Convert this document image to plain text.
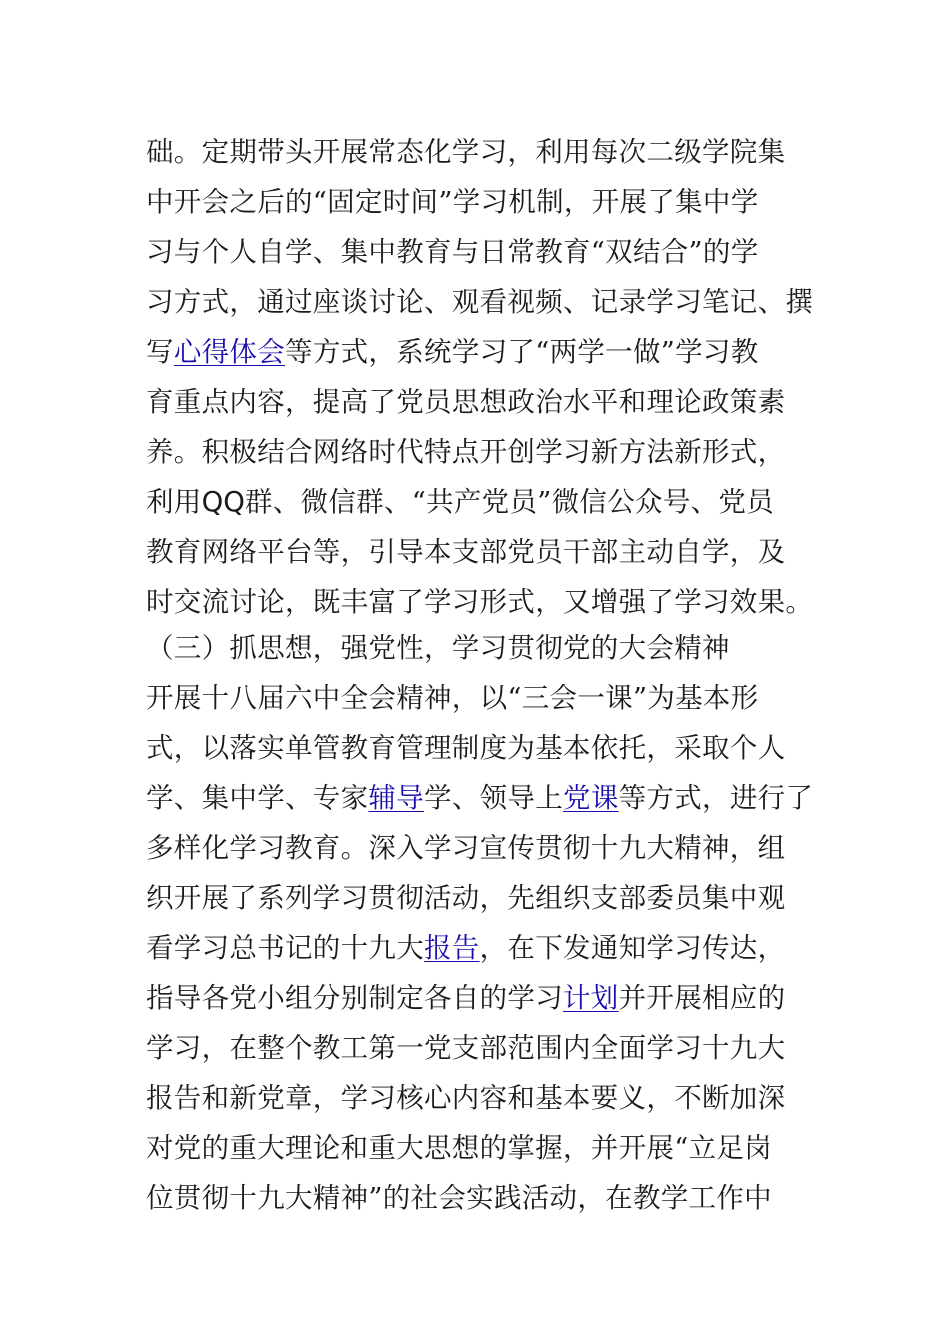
础。定期带头开展常态化学习，利用每次二级学院集
中开会之后的“固定时间”学习机制，开展了集中学
习与个人自学、集中教育与日常教育“双结合”的学
习方式，通过座谈讨论、观看视频、记录学习笔记、撰
写心得体会等方式，系统学习了“两学一做”学习教
育重点内容，提高了党员思想政治水平和理论政策素
养。积极结合网络时代特点开创学习新方法新形式，
利用QQ群、微信群、“共产党员”微信公众号、党员
教育网络平台等，引导本支部党员干部主动自学，及
时交流讨论，既丰富了学习形式，又增强了学习效果。
（三）抓思想，强党性，学习贯彻党的大会精神
开展十八届六中全会精神，以“三会一课”为基本形
式，以落实单管教育管理制度为基本依托，采取个人
学、集中学、专家辅导学、领导上党课等方式，进行了
多样化学习教育。深入学习宣传贯彻十九大精神，组
织开展了系列学习贯彻活动，先组织支部委员集中观
看学习总书记的十九大报告，在下发通知学习传达，
指导各党小组分别制定各自的学习计划并开展相应的
学习，在整个教工第一党支部范围内全面学习十九大
报告和新党章，学习核心内容和基本要义，不断加深
对党的重大理论和重大思想的掌握，并开展“立足岗
位贯彻十九大精神”的社会实践活动，在教学工作中
